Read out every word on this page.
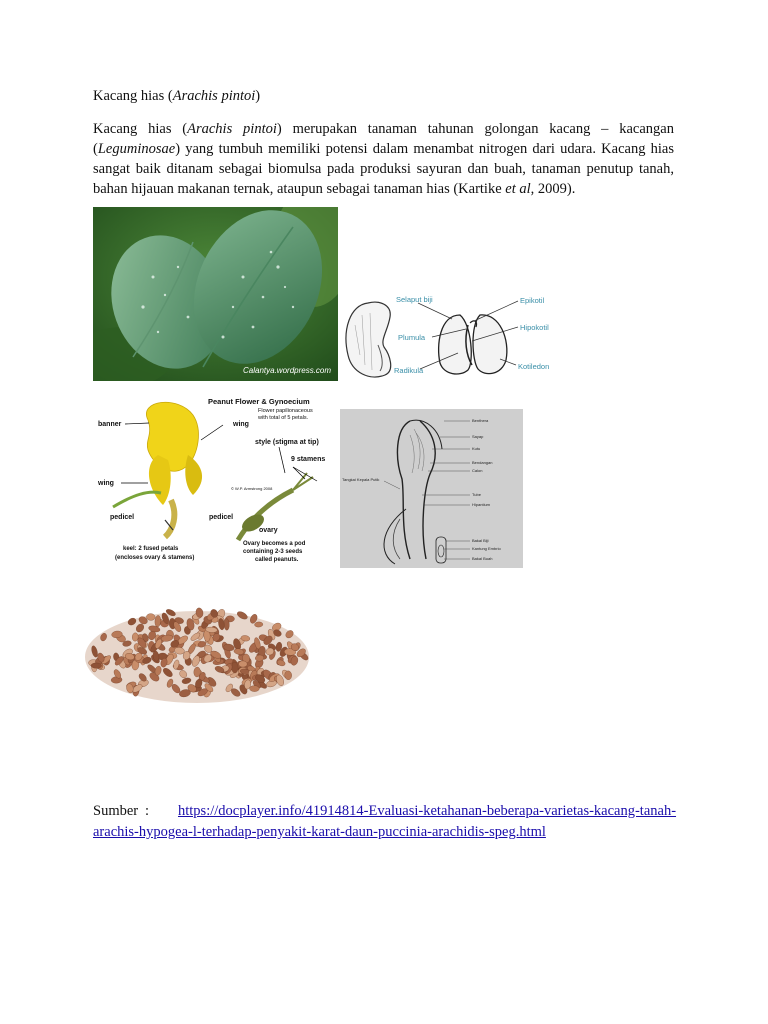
Kacang hias (Arachis pintoi)
Kacang hias (Arachis pintoi) merupakan tanaman tahunan golongan kacang – kacangan (Leguminosae) yang tumbuh memiliki potensi dalam menambat nitrogen dari udara. Kacang hias sangat baik ditanam sebagai biomulsa pada produksi sayuran dan buah, tanaman penutup tanah, bahan hijauan makanan ternak, ataupun sebagai tanaman hias (Kartike et al, 2009).
Calantya.wordpress.com
Selaput biji
Plumula
Radikula
Epikotil
Hipokotil
Kotiledon
Peanut Flower & Gynoecium
banner	wing
wing
pedicel	pedicel
ovary
style (stigma at tip)
9 stamens
Flower papilionaceous
with total of 5 petals.
© W.P. Armstrong 2008
keel: 2 fused petals
(encloses ovary & stamens)
Ovary becomes a pod
containing 2-3 seeds
called peanuts.
Benthera
Sayap
Kutu
Bendangan
Calon
Tangkai Kepala Putik
Tube
Hipantium
Bakal Biji
Kantung Embrio
Bakal Buah
Sumber : https://docplayer.info/41914814-Evaluasi-ketahanan-beberapa-varietas-kacang-tanah-arachis-hypogea-l-terhadap-penyakit-karat-daun-puccinia-arachidis-speg.html
